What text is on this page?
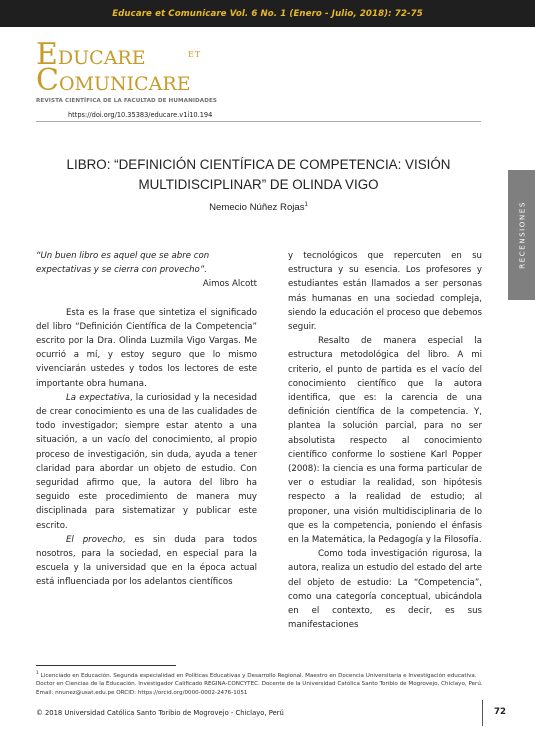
Educare et Comunicare Vol. 6 No. 1 (Enero - Julio, 2018): 72-75
EDUCARE	ET
COMUNICARE
REVISTA CIENTÍFICA DE LA FACULTAD DE HUMANIDADES
https://doi.org/10.35383/educare.v1i10.194
RECENSIONES
LIBRO: “DEFINICIÓN CIENTÍFICA DE COMPETENCIA: VISIÓN MULTIDISCIPLINAR” DE OLINDA VIGO
Nemecio Núñez Rojas$^1$

“Un buen libro es aquel que se abre con expectativas y se cierra con provecho”.

Aimos Alcott

Esta es la frase que sintetiza el significado del libro “Definición Científica de la Competencia” escrito por la Dra. Olinda Luzmila Vigo Vargas. Me ocurrió a mí, y estoy seguro que lo mismo vivenciarán ustedes y todos los lectores de este importante obra humana.

La expectativa, la curiosidad y la necesidad de crear conocimiento es una de las cualidades de todo investigador; siempre estar atento a una situación, a un vacío del conocimiento, al propio proceso de investigación, sin duda, ayuda a tener claridad para abordar un objeto de estudio. Con seguridad afirmo que, la autora del libro ha seguido este procedimiento de manera muy disciplinada para sistematizar y publicar este escrito.

El provecho, es sin duda para todos nosotros, para la sociedad, en especial para la escuela y la universidad que en la época actual está influenciada por los adelantos científicos

y tecnológicos que repercuten en su estructura y su esencia. Los profesores y estudiantes están llamados a ser personas más humanas en una sociedad compleja, siendo la educación el proceso que debemos seguir.

Resalto de manera especial la estructura metodológica del libro. A mi criterio, el punto de partida es el vacío del conocimiento científico que la autora identifica, que es: la carencia de una definición científica de la competencia. Y, plantea la solución parcial, para no ser absolutista respecto al conocimiento científico conforme lo sostiene Karl Popper (2008): la ciencia es una forma particular de ver o estudiar la realidad, son hipótesis respecto a la realidad de estudio; al proponer, una visión multidisciplinaria de lo que es la competencia, poniendo el énfasis en la Matemática, la Pedagogía y la Filosofía.

Como toda investigación rigurosa, la autora, realiza un estudio del estado del arte del objeto de estudio: La “Competencia”, como una categoría conceptual, ubicándola en el contexto, es decir, es sus manifestaciones

$^1$ Licenciado en Educación. Segunda especialidad en Políticas Educativas y Desarrollo Regional. Maestro en Docencia Universitaria e Investigación educativa. Doctor en Ciencias de la Educación. Investigador Calificado REGINA-CONCYTEC. Docente de la Universidad Católica Santo Toribio de Mogrovejo, Chiclayo, Perú. Email: nnunez@usat.edu.pe ORCID: https://orcid.org/0000-0002-2476-1051
© 2018 Universidad Católica Santo Toribio de Mogrovejo - Chiclayo, Perú	72
